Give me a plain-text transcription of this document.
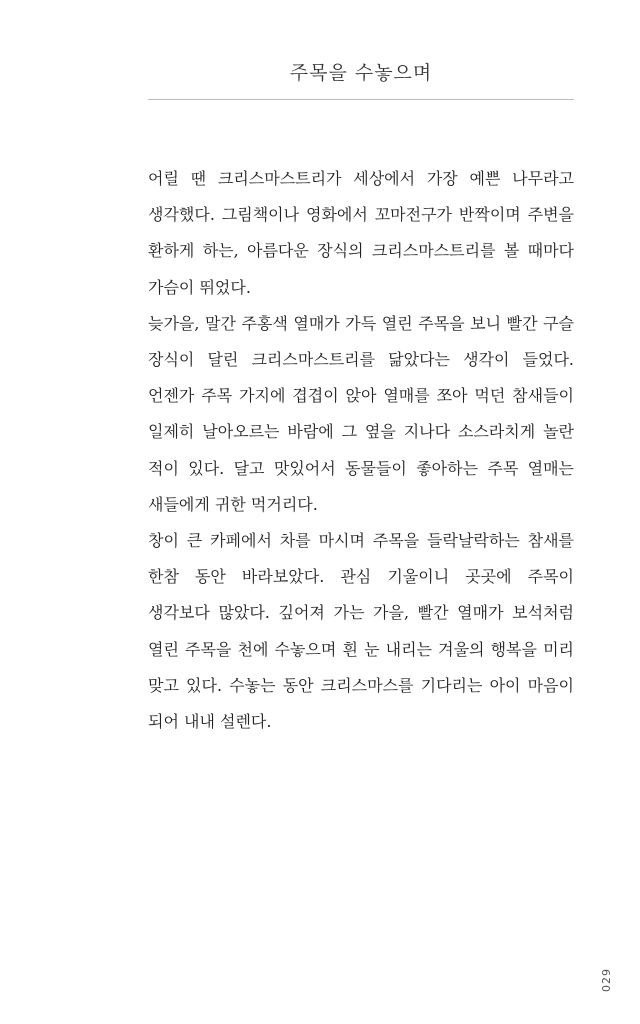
주목을 수놓으며

어릴 땐 크리스마스트리가 세상에서 가장 예쁜 나무라고 생각했다. 그림책이나 영화에서 꼬마전구가 반짝이며 주변을 환하게 하는, 아름다운 장식의 크리스마스트리를 볼 때마다 가슴이 뛰었다.

늦가을, 말간 주홍색 열매가 가득 열린 주목을 보니 빨간 구슬 장식이 달린 크리스마스트리를 닮았다는 생각이 들었다. 언젠가 주목 가지에 겹겹이 앉아 열매를 쪼아 먹던 참새들이 일제히 날아오르는 바람에 그 옆을 지나다 소스라치게 놀란 적이 있다. 달고 맛있어서 동물들이 좋아하는 주목 열매는 새들에게 귀한 먹거리다.

창이 큰 카페에서 차를 마시며 주목을 들락날락하는 참새를 한참 동안 바라보았다. 관심 기울이니 곳곳에 주목이 생각보다 많았다. 깊어져 가는 가을, 빨간 열매가 보석처럼 열린 주목을 천에 수놓으며 흰 눈 내리는 겨울의 행복을 미리 맞고 있다. 수놓는 동안 크리스마스를 기다리는 아이 마음이 되어 내내 설렌다.

029
